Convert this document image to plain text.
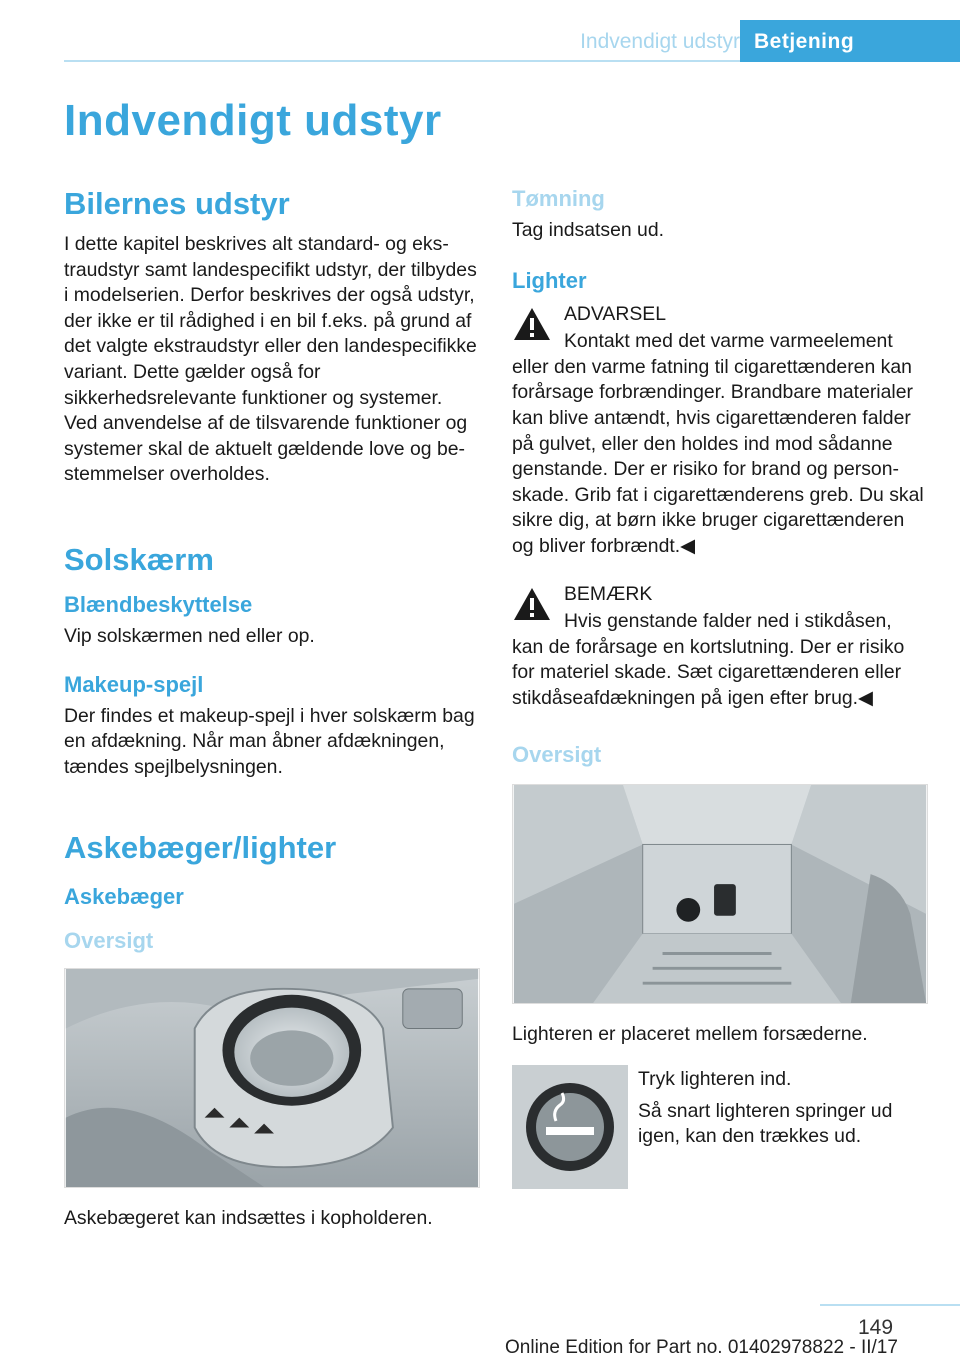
Indvendigt udstyr Betjening
Indvendigt udstyr
Bilernes udstyr

I dette kapitel beskrives alt standard- og ekstraudstyr samt landespecifikt udstyr, der tilbydes i modelserien. Derfor beskrives der også udstyr, der ikke er til rådighed i en bil f.eks. på grund af det valgte ekstraudstyr eller den landespecifikke variant. Dette gælder også for sikkerhedsrelevante funktioner og systemer. Ved anvendelse af de tilsvarende funktioner og systemer skal de aktuelt gældende love og bestemmelser overholdes.

Solskærm
Blændbeskyttelse

Vip solskærmen ned eller op.

Makeup-spejl

Der findes et makeup-spejl i hver solskærm bag en afdækning. Når man åbner afdækningen, tændes spejlbelysningen.

Askebæger/lighter
Askebæger
Oversigt

Askebægeret kan indsættes i kopholderen.

Tømning

Tag indsatsen ud.

Lighter
ADVARSEL

Kontakt med det varme varmeelement eller den varme fatning til cigarettænderen kan forårsage forbrændinger. Brandbare materialer kan blive antændt, hvis cigarettænderen falder på gulvet, eller den holdes ind mod sådanne genstande. Der er risiko for brand og personskade. Grib fat i cigarettænderens greb. Du skal sikre dig, at børn ikke bruger cigarettænderen og bliver forbrændt.◀

BEMÆRK

Hvis genstande falder ned i stikdåsen, kan de forårsage en kortslutning. Der er risiko for materiel skade. Sæt cigarettænderen eller stikdåseafdækningen på igen efter brug.◀

Oversigt

Lighteren er placeret mellem forsæderne.

Tryk lighteren ind.

Så snart lighteren springer ud igen, kan den trækkes ud.

149
Online Edition for Part no. 01402978822 - II/17
